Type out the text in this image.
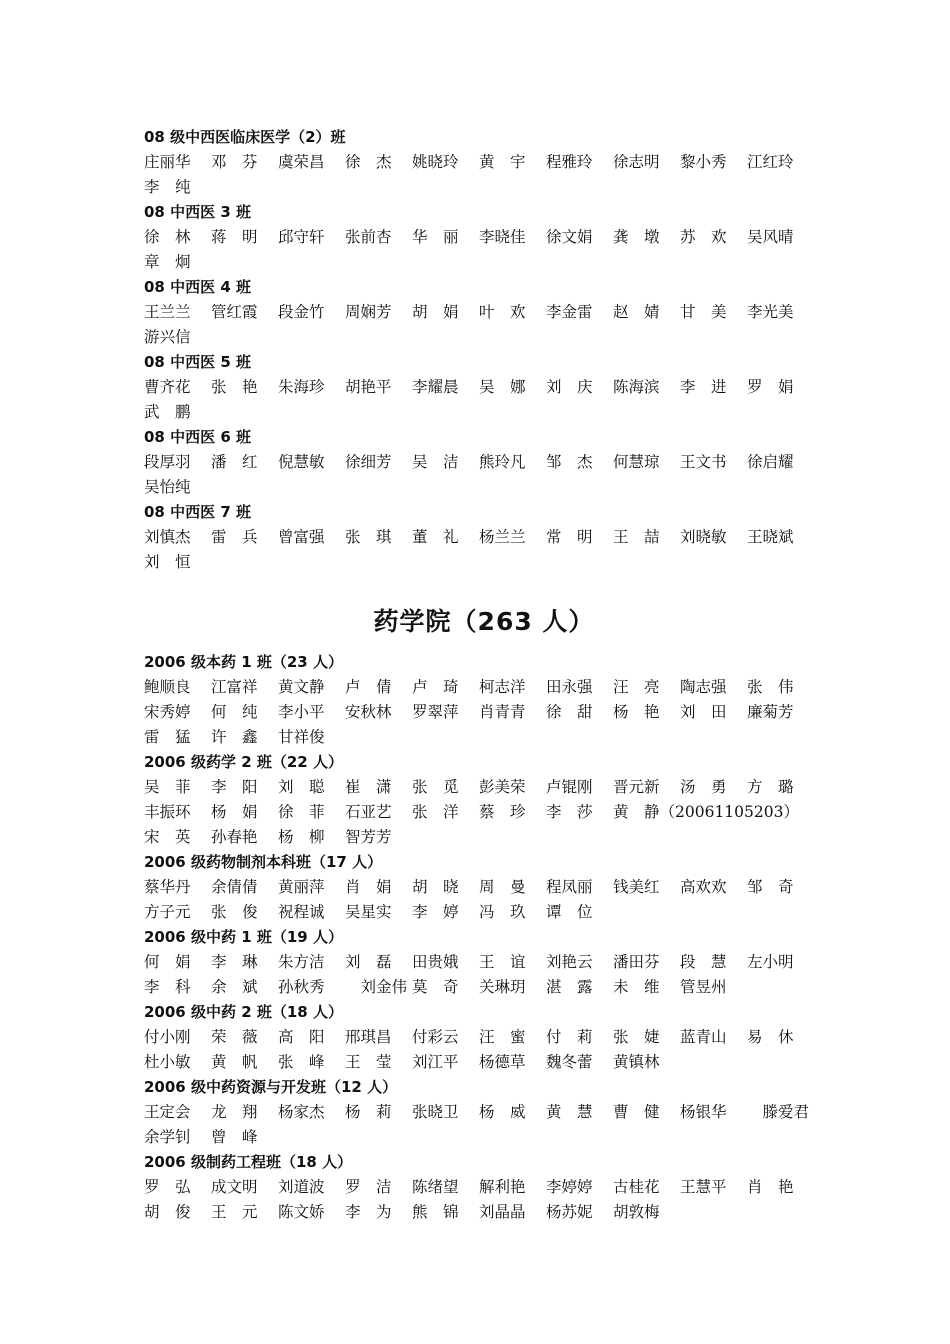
08 级中西医临床医学（2）班
庄丽华 邓　芬 虞荣昌 徐　杰 姚晓玲 黄　宇 程雅玲 徐志明 黎小秀 江红玲
李　纯
08 中西医 3 班
徐　林 蒋　明 邱守轩 张前杏 华　丽 李晓佳 徐文娟 龚　墩 苏　欢 吴风晴
章　炯
08 中西医 4 班
王兰兰 管红霞 段金竹 周娴芳 胡　娟 叶　欢 李金雷 赵　婧 甘　美 李光美
游兴信
08 中西医 5 班
曹齐花 张　艳 朱海珍 胡艳平 李耀晨 吴　娜 刘　庆 陈海滨 李　进 罗　娟
武　鹏
08 中西医 6 班
段厚羽 潘　红 倪慧敏 徐细芳 吴　洁 熊玲凡 邹　杰 何慧琼 王文书 徐启耀
吴怡纯
08 中西医 7 班
刘慎杰 雷　兵 曾富强 张　琪 董　礼 杨兰兰 常　明 王　喆 刘晓敏 王晓斌
刘　恒
药学院（263 人）
2006 级本药 1 班（23 人）
鲍顺良 江富祥 黄文静 卢　倩 卢　琦 柯志洋 田永强 汪　亮 陶志强 张　伟
宋秀婷 何　纯 李小平 安秋林 罗翠萍 肖青青 徐　甜 杨　艳 刘　田 廉菊芳
雷　猛 许　鑫 甘祥俊
2006 级药学 2 班（22 人）
吴　菲 李　阳 刘　聪 崔　潇 张　觅 彭美荣 卢锟刚 晋元新 汤　勇 方　璐
丰振环 杨　娟 徐　菲 石亚艺 张　洋 蔡　珍 李　莎 黄　静（20061105203）
宋　英 孙春艳 杨　柳 智芳芳
2006 级药物制剂本科班（17 人）
蔡华丹 余倩倩 黄丽萍 肖　娟 胡　晓 周　曼 程凤丽 钱美红 高欢欢 邹　奇
方子元 张　俊 祝程诚 吴星实 李　婷 冯　玖 谭　位
2006 级中药 1 班（19 人）
何　娟 李　琳 朱方洁 刘　磊 田贵娥 王　谊 刘艳云 潘田芬 段　慧 左小明
李　科 余　斌 孙秋秀 　刘金伟 莫　奇 关琳玥 湛　露 未　维 管昱州
2006 级中药 2 班（18 人）
付小刚 荣　薇 高　阳 邢琪昌 付彩云 汪　蜜 付　莉 张　婕 蓝青山 易　休
杜小敏 黄　帆 张　峰 王　莹 刘江平 杨德草 魏冬蕾 黄镇林
2006 级中药资源与开发班（12 人）
王定会 龙　翔 杨家杰 杨　莉 张晓卫 杨　威 黄　慧 曹　健 杨银华 　滕爱君
余学钊 曾　峰
2006 级制药工程班（18 人）
罗　弘 成文明 刘道波 罗　洁 陈绪望 解利艳 李婷婷 古桂花 王慧平 肖　艳
胡　俊 王　元 陈文娇 李　为 熊　锦 刘晶晶 杨苏妮 胡敦梅
